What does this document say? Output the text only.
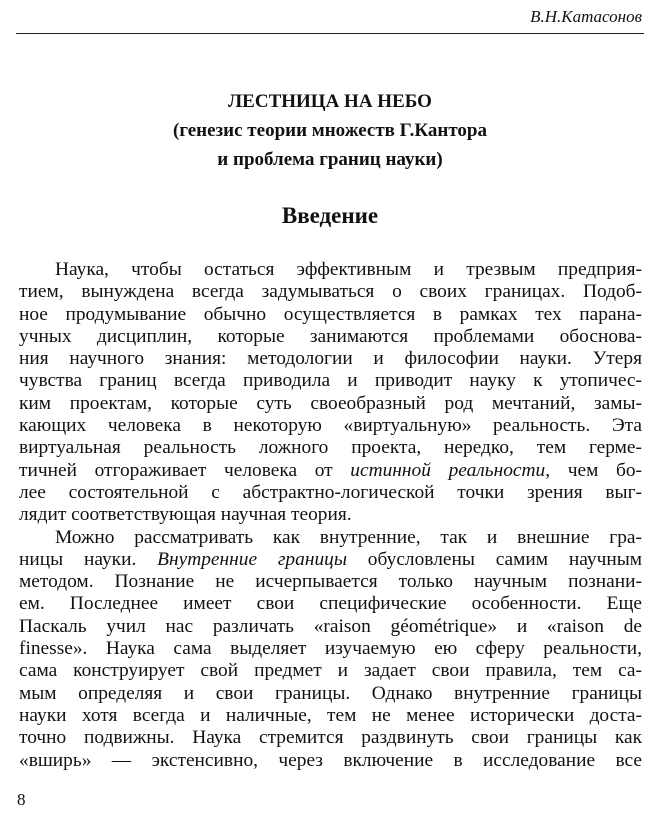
В.Н.Катасонов
ЛЕСТНИЦА НА НЕБО
(генезис теории множеств Г.Кантора
и проблема границ науки)
Введение
Наука, чтобы остаться эффективным и трезвым предприя-
тием, вынуждена всегда задумываться о своих границах. Подоб-
ное продумывание обычно осуществляется в рамках тех парана-
учных дисциплин, которые занимаются проблемами обоснова-
ния научного знания: методологии и философии науки. Утеря
чувства границ всегда приводила и приводит науку к утопичес-
ким проектам, которые суть своеобразный род мечтаний, замы-
кающих человека в некоторую «виртуальную» реальность. Эта
виртуальная реальность ложного проекта, нередко, тем герме-
тичней отгораживает человека от истинной реальности, чем бо-
лее состоятельной с абстрактно-логической точки зрения выг-
лядит соответствующая научная теория.
Можно рассматривать как внутренние, так и внешние гра-
ницы науки. Внутренние границы обусловлены самим научным
методом. Познание не исчерпывается только научным познани-
ем. Последнее имеет свои специфические особенности. Еще
Паскаль учил нас различать «raison géométrique» и «raison de
finesse». Наука сама выделяет изучаемую ею сферу реальности,
сама конструирует свой предмет и задает свои правила, тем са-
мым определяя и свои границы. Однако внутренние границы
науки хотя всегда и наличные, тем не менее исторически доста-
точно подвижны. Наука стремится раздвинуть свои границы как
«вширь» — экстенсивно, через включение в исследование все
8
